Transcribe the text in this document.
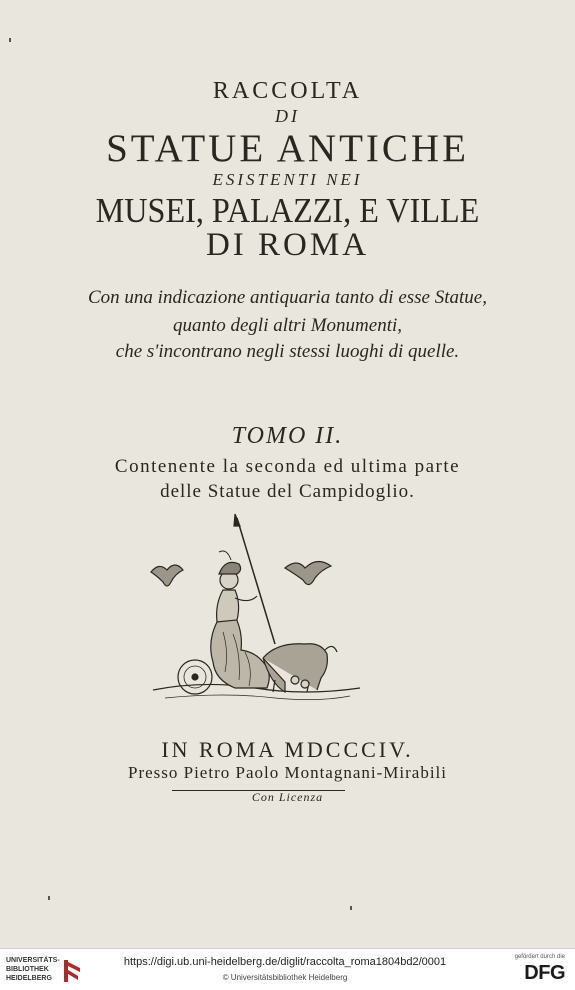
RACCOLTA
DI
STATUE ANTICHE
ESISTENTI NEI
MUSEI, PALAZZI, E VILLE
DI ROMA
Con una indicazione antiquaria tanto di esse Statue,
quanto degli altri Monumenti,
che s'incontrano negli stessi luoghi di quelle.
TOMO II.
Contenente la seconda ed ultima parte
delle Statue del Campidoglio.
IN ROMA MDCCCIV.
Presso Pietro Paolo Montagnani-Mirabili
Con Licenza
UNIVERSITÄTS-
BIBLIOTHEK
HEIDELBERG
https://digi.ub.uni-heidelberg.de/diglit/raccolta_roma1804bd2/0001
© Universitätsbibliothek Heidelberg
gefördert durch die
DFG
